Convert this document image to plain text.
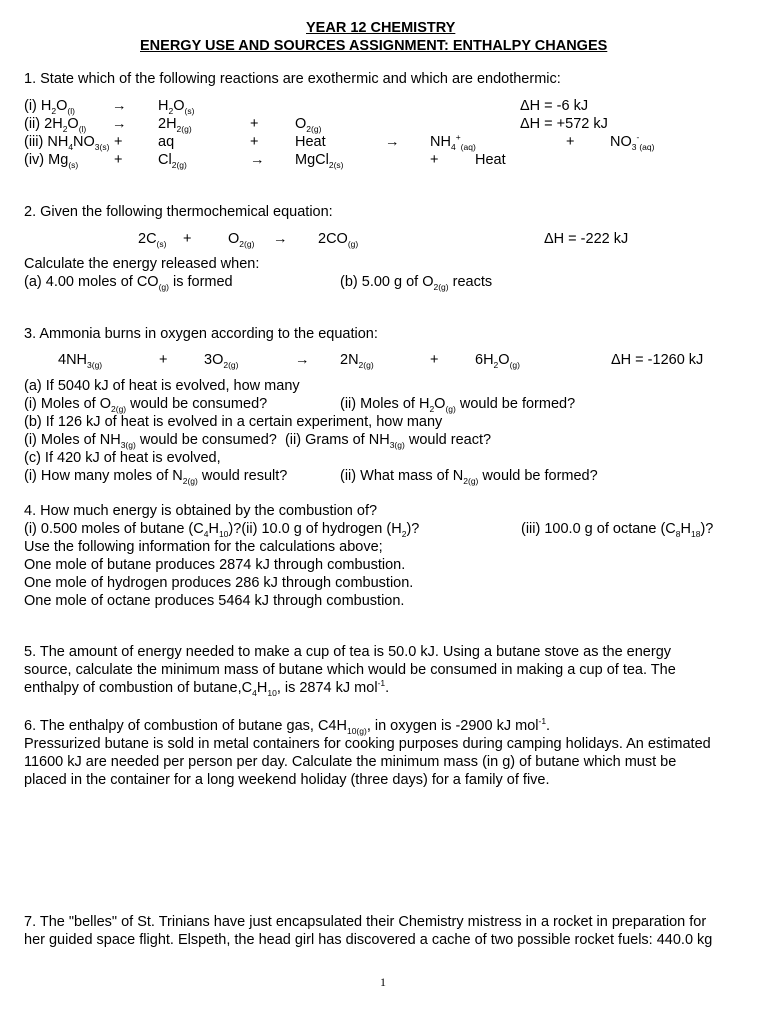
YEAR 12 CHEMISTRY
ENERGY USE AND SOURCES ASSIGNMENT: ENTHALPY CHANGES
1. State which of the following reactions are exothermic and which are endothermic:
(i) $H_2O_{(l)}$	→ $H_2O_{(s)}$	ΔH = -6 kJ
(ii) $2H_2O_{(l)} \to 2H_{2(g)}$	+	$O_{2(g)}$	ΔH = +572 kJ
(iii) $NH_4NO_{3(s)}$ + aq	+	Heat	→ $NH_4^+_{(aq)}$	+ $NO_3^-_{(aq)}$
(iv) $Mg_{(s)} + Cl_{2(g)}$	→ MgCl$_{2(s)}$	+	Heat
2. Given the following thermochemical equation:
$2C_{(s)}$ +	$O_{2(g)} \to 2CO_{(g)}$	ΔH = -222 kJ
Calculate the energy released when:
(a) 4.00 moles of $CO_{(g)}$ is formed	(b) 5.00 g of $O_{2(g)}$ reacts
3. Ammonia burns in oxygen according to the equation:
$4NH_{3(g)}$	+	$3O_{2(g)}$	→ $2N_{2(g)}$	+	$6H_2O_{(g)}$	ΔH = -1260 kJ
(a) If 5040 kJ of heat is evolved, how many
(i) Moles of $O_{2(g)}$ would be consumed?	(ii) Moles of $H_2O_{(g)}$ would be formed?
(b) If 126 kJ of heat is evolved in a certain experiment, how many
(i) Moles of $NH_{3(g)}$ would be consumed? (ii) Grams of $NH_{3(g)}$ would react?
(c) If 420 kJ of heat is evolved,
(i) How many moles of $N_{2(g)}$ would result?	(ii) What mass of $N_{2(g)}$ would be formed?
4. How much energy is obtained by the combustion of?
(i) 0.500 moles of butane $(C_4H_{10})?(ii)$ 10.0 g of hydrogen $(H_2)$?	(iii) 100.0 g of octane $(C_8H_{18})$?
Use the following information for the calculations above;
One mole of butane produces 2874 kJ through combustion.
One mole of hydrogen produces 286 kJ through combustion.
One mole of octane produces 5464 kJ through combustion.
5. The amount of energy needed to make a cup of tea is 50.0 kJ. Using a butane stove as the energy
source, calculate the minimum mass of butane which would be consumed in making a cup of tea. The
enthalpy of combustion of $butane,C_4H_{10}$, is 2874 kJ mol$^{-1}$.
6. The enthalpy of combustion of butane gas, $C4H_{10(g)}$, in oxygen is -2900 kJ mol$^{-1}$.
Pressurized butane is sold in metal containers for cooking purposes during camping holidays. An estimated
11600 kJ are needed per person per day. Calculate the minimum mass (in g) of butane which must be
placed in the container for a long weekend holiday (three days) for a family of five.
7. The "belles" of St. Trinians have just encapsulated their Chemistry mistress in a rocket in preparation for
her guided space flight. Elspeth, the head girl has discovered a cache of two possible rocket fuels: 440.0 kg
1
